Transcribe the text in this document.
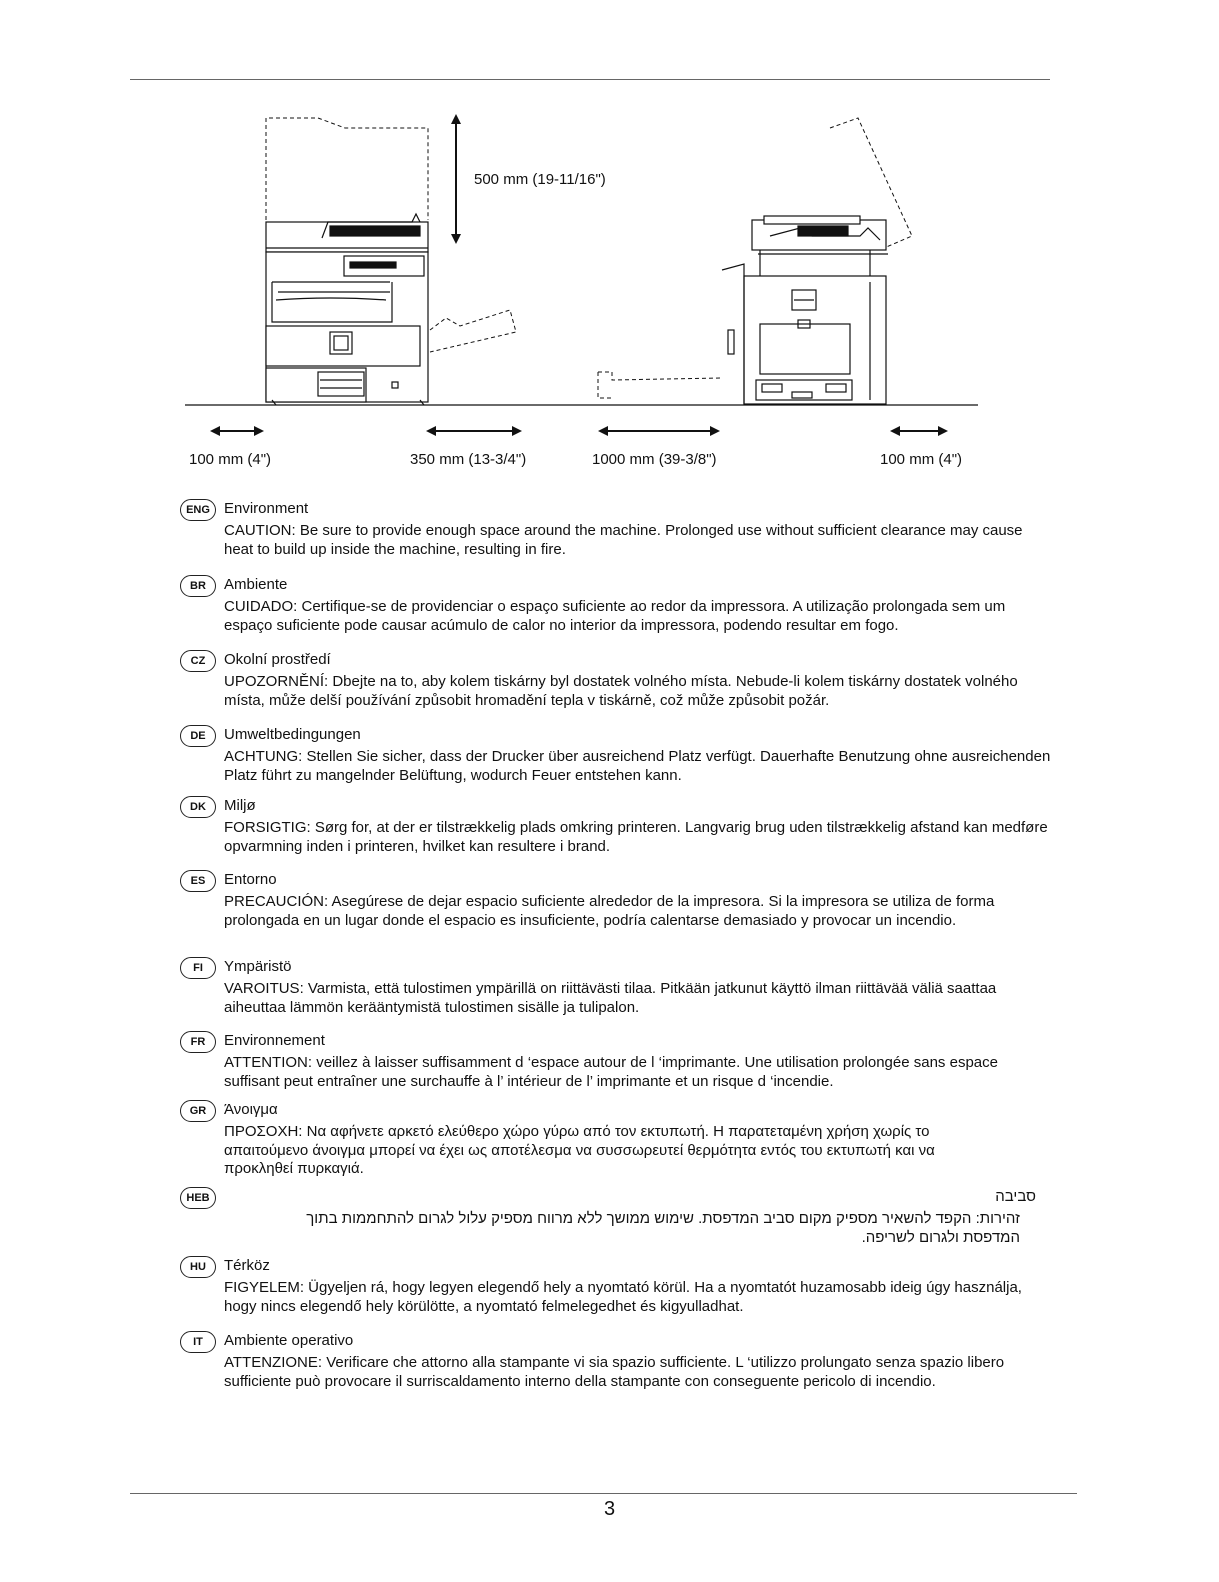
500 mm (19-11/16")
100 mm (4")	350 mm (13-3/4")	1000 mm (39-3/8")	100 mm (4")
ENG Environment
CAUTION: Be sure to provide enough space around the machine. Prolonged use without sufficient clearance may cause heat to build up inside the machine, resulting in fire.
BR	Ambiente
CUIDADO: Certifique-se de providenciar o espaço suficiente ao redor da impressora. A utilização prolongada sem um espaço suficiente pode causar acúmulo de calor no interior da impressora, podendo resultar em fogo.
CZ	Okolní prostředí
UPOZORNĚNÍ: Dbejte na to, aby kolem tiskárny byl dostatek volného místa. Nebude-li kolem tiskárny dostatek volného místa, může delší používání způsobit hromadění tepla v tiskárně, což může způsobit požár.
DE	Umweltbedingungen
ACHTUNG: Stellen Sie sicher, dass der Drucker über ausreichend Platz verfügt. Dauerhafte Benutzung ohne ausreichenden Platz führt zu mangelnder Belüftung, wodurch Feuer entstehen kann.
DK	Miljø
FORSIGTIG: Sørg for, at der er tilstrækkelig plads omkring printeren. Langvarig brug uden tilstrækkelig afstand kan medføre opvarmning inden i printeren, hvilket kan resultere i brand.
ES	Entorno
PRECAUCIÓN: Asegúrese de dejar espacio suficiente alrededor de la impresora. Si la impresora se utiliza de forma prolongada en un lugar donde el espacio es insuficiente, podría calentarse demasiado y provocar un incendio.
FI	Ympäristö
VAROITUS: Varmista, että tulostimen ympärillä on riittävästi tilaa. Pitkään jatkunut käyttö ilman riittävää väliä saattaa aiheuttaa lämmön kerääntymistä tulostimen sisälle ja tulipalon.
FR	Environnement
ATTENTION: veillez à laisser suffisamment d ‘espace autour de l ‘imprimante. Une utilisation prolongée sans espace suffisant peut entraîner une surchauffe à l’ intérieur de l’ imprimante et un risque d ‘incendie.
GR	Άνοιγμα
ΠΡΟΣΟΧΗ: Να αφήνετε αρκετό ελεύθερο χώρο γύρω από τον εκτυπωτή. Η παρατεταμένη χρήση χωρίς το απαιτούμενο άνοιγμα μπορεί να έχει ως αποτέλεσμα να συσσωρευτεί θερμότητα εντός του εκτυπωτή και να προκληθεί πυρκαγιά.
HEB	סביבה
זהירות: הקפד להשאיר מספיק מקום סביב המדפסת. שימוש ממושך ללא מרווח מספיק עלול לגרום להתחממות בתוך המדפסת ולגרום לשריפה.
HU	Térköz
FIGYELEM: Ügyeljen rá, hogy legyen elegendő hely a nyomtató körül. Ha a nyomtatót huzamosabb ideig úgy használja, hogy nincs elegendő hely körülötte, a nyomtató felmelegedhet és kigyulladhat.
IT	Ambiente operativo
ATTENZIONE: Verificare che attorno alla stampante vi sia spazio sufficiente. L ‘utilizzo prolungato senza spazio libero sufficiente può provocare il surriscaldamento interno della stampante con conseguente pericolo di incendio.
3
